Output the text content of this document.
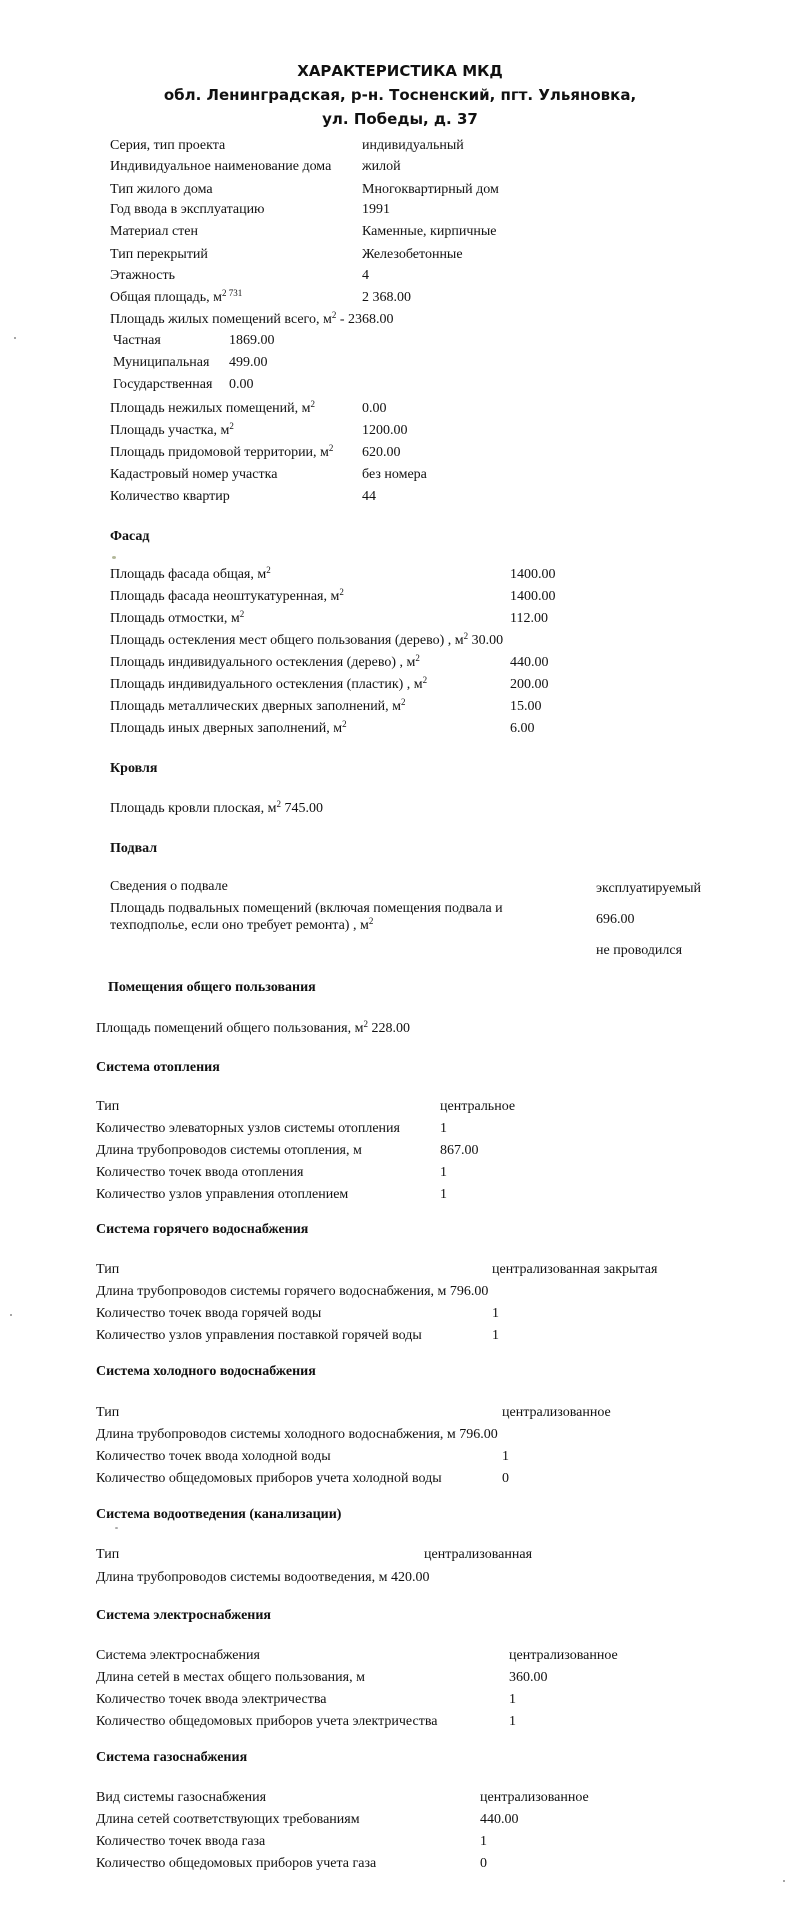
ХАРАКТЕРИСТИКА МКД
обл. Ленинградская, р-н. Тосненский, пгт. Ульяновка,
ул. Победы, д. 37
Серия, тип проекта	индивидуальный
Индивидуальное наименование дома жилой
Тип жилого дома	Многоквартирный дом
Год ввода в эксплуатацию	1991
Материал стен	Каменные, кирпичные
Тип перекрытий	Железобетонные
Этажность	4
Общая площадь, $м^{2 731}$	2 368.00
Площадь жилых помещений всего, $м^2 - 2368.00$
Частная	1869.00
Муниципальная 499.00
Государственная 0.00
Площадь нежилых помещений, $м^2$	0.00
Площадь участка, $м^2$	1200.00
Площадь придомовой территории, $м^2$ 620.00
Кадастровый номер участка	без номера
Количество квартир	44
Фасад
Площадь фасада общая, $м^2$	1400.00
Площадь фасада неоштукатуренная, $м^2$	1400.00
Площадь отмостки, $м^2$	112.00
Площадь остекления мест общего пользования (дерево) , $м^2$ 30.00
Площадь индивидуального остекления (дерево) , $м^2$	440.00
Площадь индивидуального остекления (пластик) , $м^2$	200.00
Площадь металлических дверных заполнений, $м^2$	15.00
Площадь иных дверных заполнений, $м^2$	6.00
Кровля
Площадь кровли плоская, $м^2$ 745.00
Подвал
Сведения о подвале	эксплуатируемый
Площадь подвальных помещений (включая помещения подвала и
техподполье, если оно требует ремонта) , $м^2$	696.00
не проводился
Помещения общего пользования
Площадь помещений общего пользования, $м^2$ 228.00
Система отопления
Тип	центральное
Количество элеваторных узлов системы отопления	1
Длина трубопроводов системы отопления, м	867.00
Количество точек ввода отопления	1
Количество узлов управления отоплением	1
Система горячего водоснабжения
Тип	централизованная закрытая
Длина трубопроводов системы горячего водоснабжения, м 796.00
Количество точек ввода горячей воды	1
Количество узлов управления поставкой горячей воды	1
Система холодного водоснабжения
Тип	централизованное
Длина трубопроводов системы холодного водоснабжения, м 796.00
Количество точек ввода холодной воды	1
Количество общедомовых приборов учета холодной воды	0
Система водоотведения (канализации)
Тип	централизованная
Длина трубопроводов системы водоотведения, м 420.00
Система электроснабжения
Система электроснабжения	централизованное
Длина сетей в местах общего пользования, м	360.00
Количество точек ввода электричества	1
Количество общедомовых приборов учета электричества	1
Система газоснабжения
Вид системы газоснабжения	централизованное
Длина сетей соответствующих требованиям	440.00
Количество точек ввода газа	1
Количество общедомовых приборов учета газа	0
